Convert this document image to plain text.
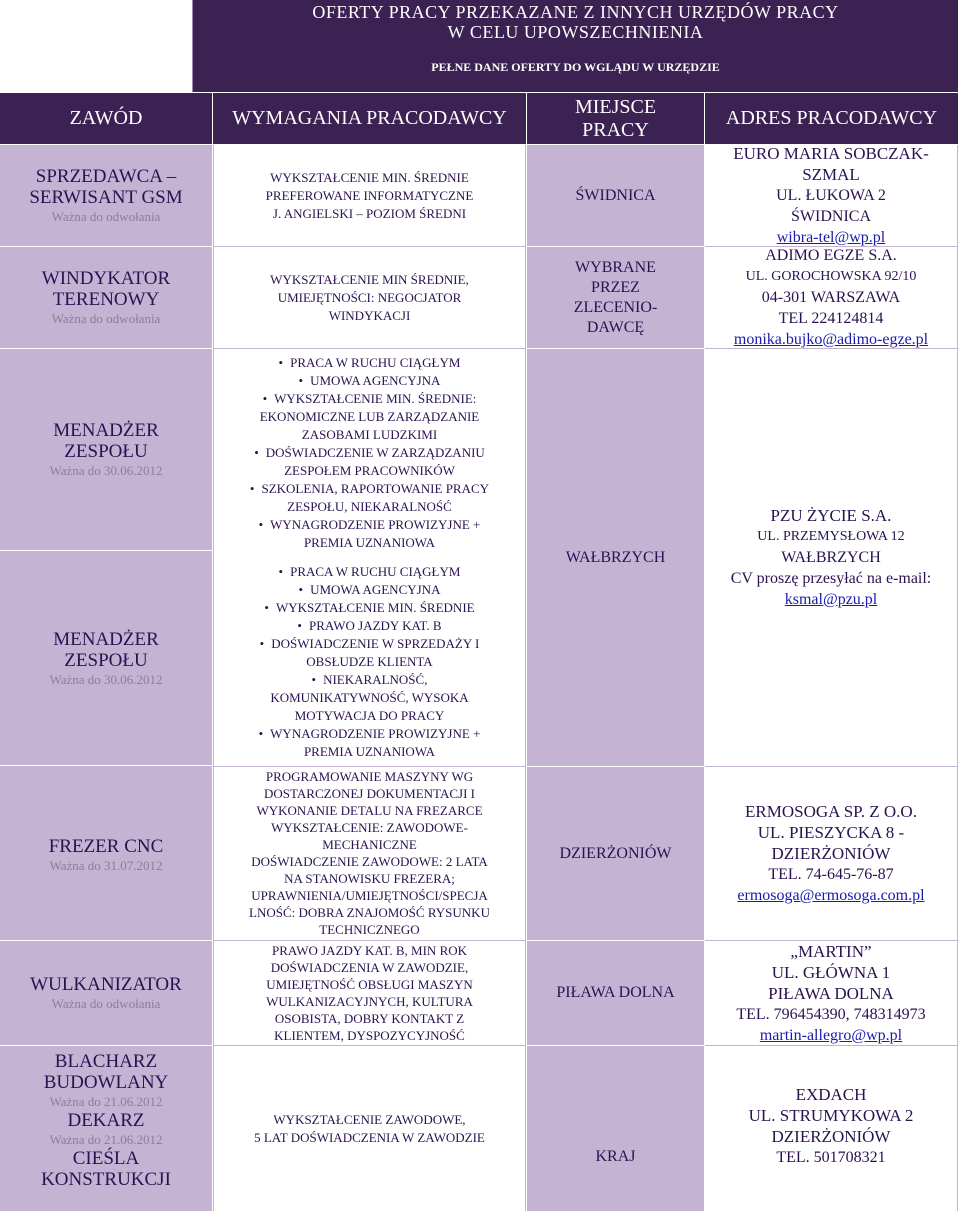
OFERTY PRACY PRZEKAZANE Z INNYCH URZĘDÓW PRACY
W CELU UPOWSZECHNIENIA
PEŁNE DANE OFERTY DO WGLĄDU W URZĘDZIE
ZAWÓD	WYMAGANIA PRACODAWCY
MIEJSCE PRACY
ADRES PRACODAWCY
SPRZEDAWCA – SERWISANT GSM
Ważna do odwołania
WINDYKATOR TERENOWY
Ważna do odwołania
MENADŻER ZESPOŁU
Ważna do 30.06.2012
MENADŻER ZESPOŁU
Ważna do 30.06.2012
FREZER CNC
Ważna do 31.07.2012
WULKANIZATOR
Ważna do odwołania
BLACHARZ BUDOWLANY
Ważna do 21.06.2012
DEKARZ
Ważna do 21.06.2012
CIEŚLA KONSTRUKCJI
WYKSZTAŁCENIE MIN. ŚREDNIE
PREFEROWANE INFORMATYCZNE
J. ANGIELSKI – POZIOM ŚREDNI
WYKSZTAŁCENIE MIN ŚREDNIE,
UMIEJĘTNOŚCI: NEGOCJATOR
WINDYKACJI
• PRACA W RUCHU CIĄGŁYM
• UMOWA AGENCYJNA
• WYKSZTAŁCENIE MIN. ŚREDNIE:
EKONOMICZNE LUB ZARZĄDZANIE
ZASOBAMI LUDZKIMI
• DOŚWIADCZENIE W ZARZĄDZANIU
ZESPOŁEM PRACOWNIKÓW
• SZKOLENIA, RAPORTOWANIE PRACY
ZESPOŁU, NIEKARALNOŚĆ
• WYNAGRODZENIE PROWIZYJNE +
PREMIA UZNANIOWA
• PRACA W RUCHU CIĄGŁYM
• UMOWA AGENCYJNA
• WYKSZTAŁCENIE MIN. ŚREDNIE
• PRAWO JAZDY KAT. B
• DOŚWIADCZENIE W SPRZEDAŻY I
OBSŁUDZE KLIENTA
• NIEKARALNOŚĆ,
KOMUNIKATYWNOŚĆ, WYSOKA
MOTYWACJA DO PRACY
• WYNAGRODZENIE PROWIZYJNE +
PREMIA UZNANIOWA
PROGRAMOWANIE MASZYNY WG
DOSTARCZONEJ DOKUMENTACJI I
WYKONANIE DETALU NA FREZARCE
WYKSZTAŁCENIE: ZAWODOWE-
MECHANICZNE
DOŚWIADCZENIE ZAWODOWE: 2 LATA
NA STANOWISKU FREZERA;
UPRAWNIENIA/UMIEJĘTNOŚCI/SPECJA
LNOŚĆ: DOBRA ZNAJOMOŚĆ RYSUNKU
TECHNICZNEGO
PRAWO JAZDY KAT. B, MIN ROK
DOŚWIADCZENIA W ZAWODZIE,
UMIEJĘTNOŚĆ OBSŁUGI MASZYN
WULKANIZACYJNYCH, KULTURA
OSOBISTA, DOBRY KONTAKT Z
KLIENTEM, DYSPOZYCYJNOŚĆ
WYKSZTAŁCENIE ZAWODOWE,
5 LAT DOŚWIADCZENIA W ZAWODZIE
ŚWIDNICA
WYBRANE
PRZEZ
ZLECENIO-
DAWCĘ
WAŁBRZYCH
DZIERŻONIÓW
PIŁAWA DOLNA
KRAJ
EURO MARIA SOBCZAK-
SZMAL
UL. ŁUKOWA 2
ŚWIDNICA
wibra-tel@wp.pl
ADIMO EGZE S.A.
UL. GOROCHOWSKA 92/10
04-301 WARSZAWA
TEL 224124814
monika.bujko@adimo-egze.pl
PZU ŻYCIE S.A.
UL. PRZEMYSŁOWA 12
WAŁBRZYCH
CV proszę przesyłać na e-mail:
ksmal@pzu.pl
ERMOSOGA SP. Z O.O.
UL. PIESZYCKA 8 -
DZIERŻONIÓW
TEL. 74-645-76-87
ermosoga@ermosoga.com.pl
„MARTIN”
UL. GŁÓWNA 1
PIŁAWA DOLNA
TEL. 796454390, 748314973
martin-allegro@wp.pl
EXDACH
UL. STRUMYKOWA 2
DZIERŻONIÓW
TEL. 501708321
